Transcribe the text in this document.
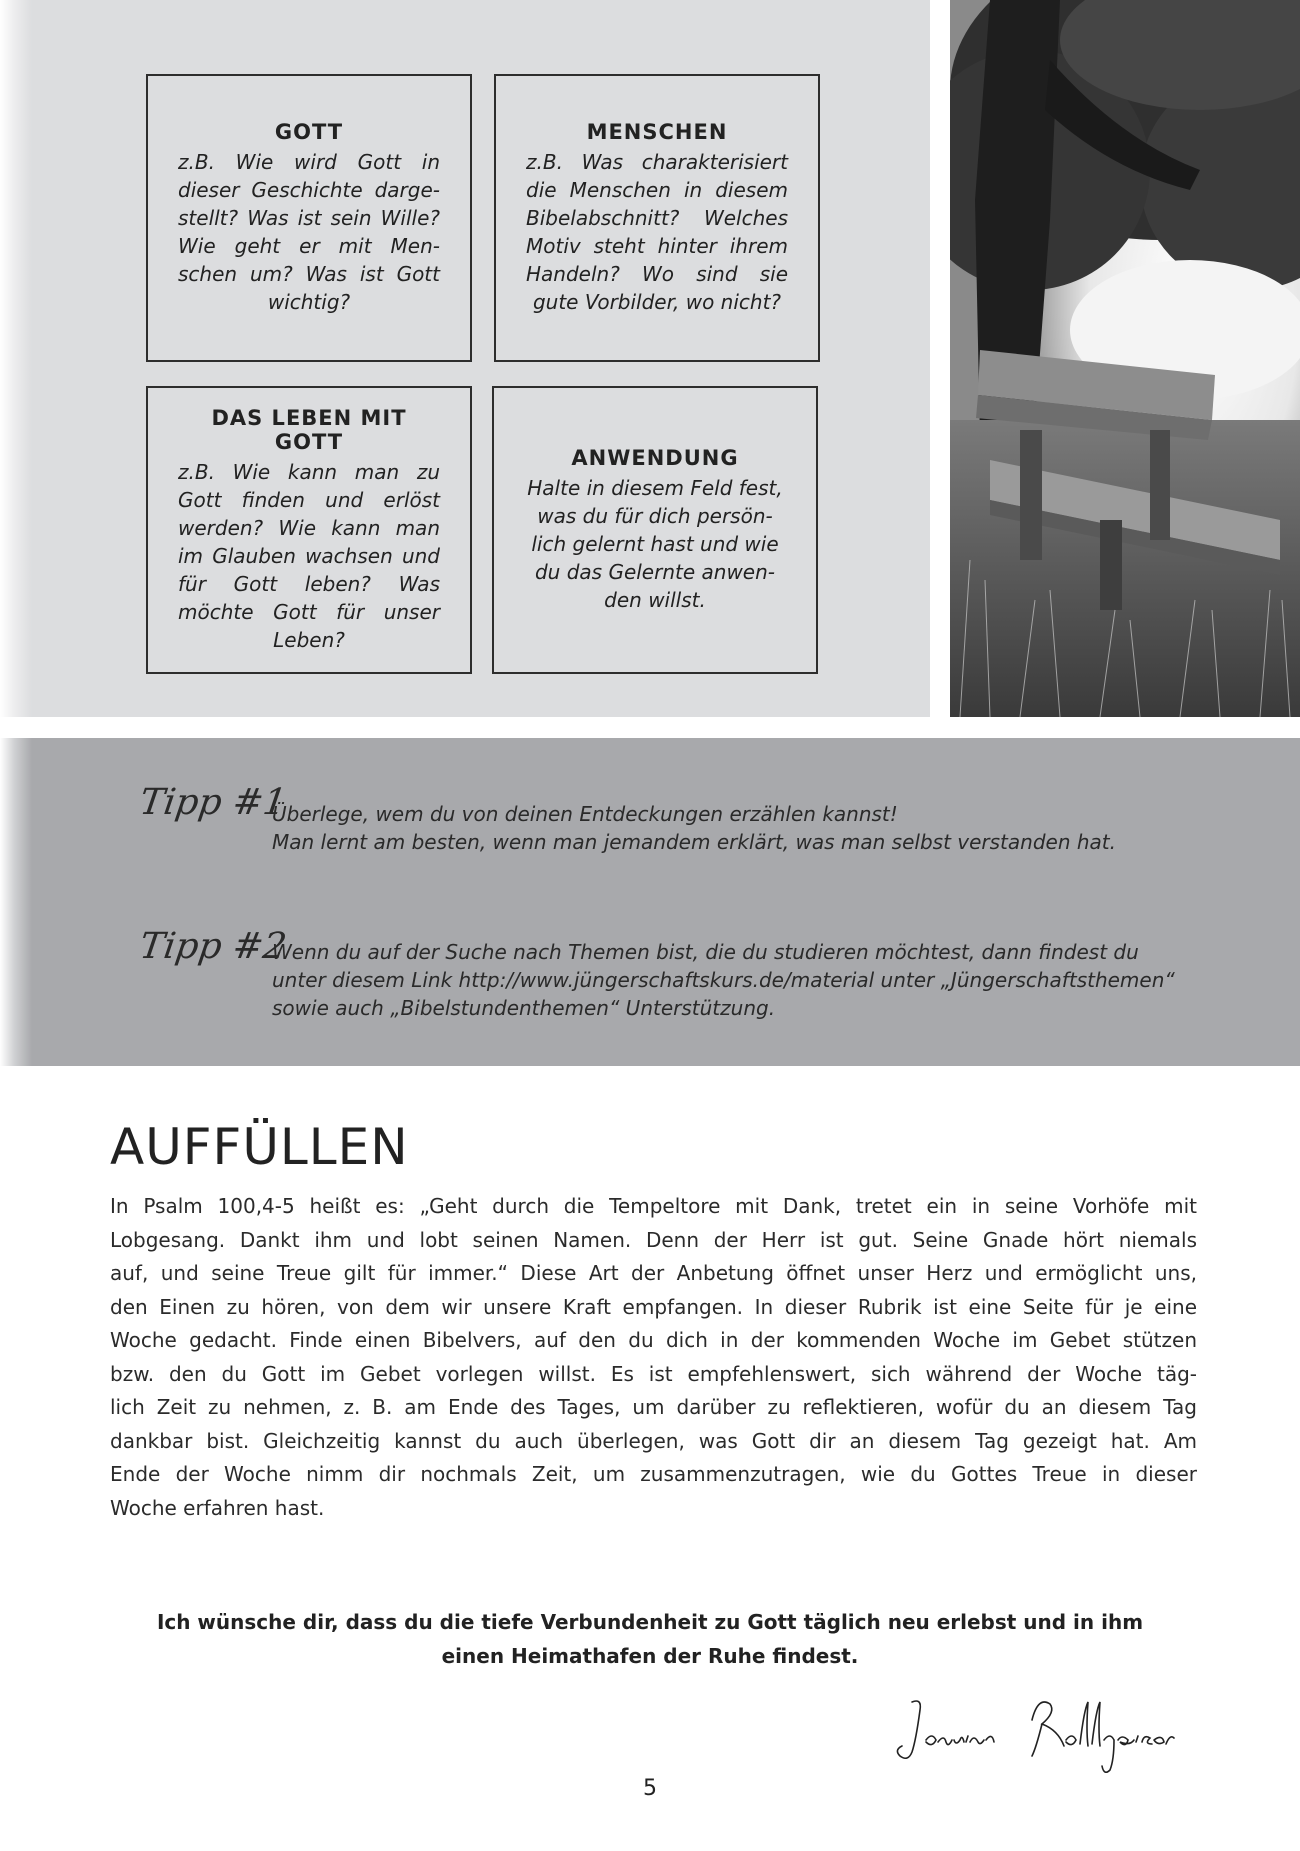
GOTT
z.B. Wie wird Gott in dieser Geschichte dargestellt? Was ist sein Wille? Wie geht er mit Menschen um? Was ist Gott wichtig?
MENSCHEN
z.B. Was charakterisiert die Menschen in diesem Bibelabschnitt? Welches Motiv steht hinter ihrem Handeln? Wo sind sie gute Vorbilder, wo nicht?
DAS LEBEN MIT GOTT
z.B. Wie kann man zu Gott finden und erlöst werden? Wie kann man im Glauben wachsen und für Gott leben? Was möchte Gott für unser Leben?
ANWENDUNG
Halte in diesem Feld fest, was du für dich persönlich gelernt hast und wie du das Gelernte anwenden willst.
Tipp #1
Überlege, wem du von deinen Entdeckungen erzählen kannst!
Man lernt am besten, wenn man jemandem erklärt, was man selbst verstanden hat.
Tipp #2
Wenn du auf der Suche nach Themen bist, die du studieren möchtest, dann findest du
unter diesem Link http://www.jüngerschaftskurs.de/material unter „Jüngerschaftsthemen“
sowie auch „Bibelstundenthemen“ Unterstützung.
AUFFÜLLEN
In Psalm 100,4-5 heißt es: „Geht durch die Tempeltore mit Dank, tretet ein in seine Vorhöfe mit
Lobgesang. Dankt ihm und lobt seinen Namen. Denn der Herr ist gut. Seine Gnade hört niemals
auf, und seine Treue gilt für immer.“ Diese Art der Anbetung öffnet unser Herz und ermöglicht uns,
den Einen zu hören, von dem wir unsere Kraft empfangen. In dieser Rubrik ist eine Seite für je eine
Woche gedacht. Finde einen Bibelvers, auf den du dich in der kommenden Woche im Gebet stützen
bzw. den du Gott im Gebet vorlegen willst. Es ist empfehlenswert, sich während der Woche täg-
lich Zeit zu nehmen, z. B. am Ende des Tages, um darüber zu reflektieren, wofür du an diesem Tag
dankbar bist. Gleichzeitig kannst du auch überlegen, was Gott dir an diesem Tag gezeigt hat. Am
Ende der Woche nimm dir nochmals Zeit, um zusammenzutragen, wie du Gottes Treue in dieser
Woche erfahren hast.
Ich wünsche dir, dass du die tiefe Verbundenheit zu Gott täglich neu erlebst und in ihm
einen Heimathafen der Ruhe findest.
5
